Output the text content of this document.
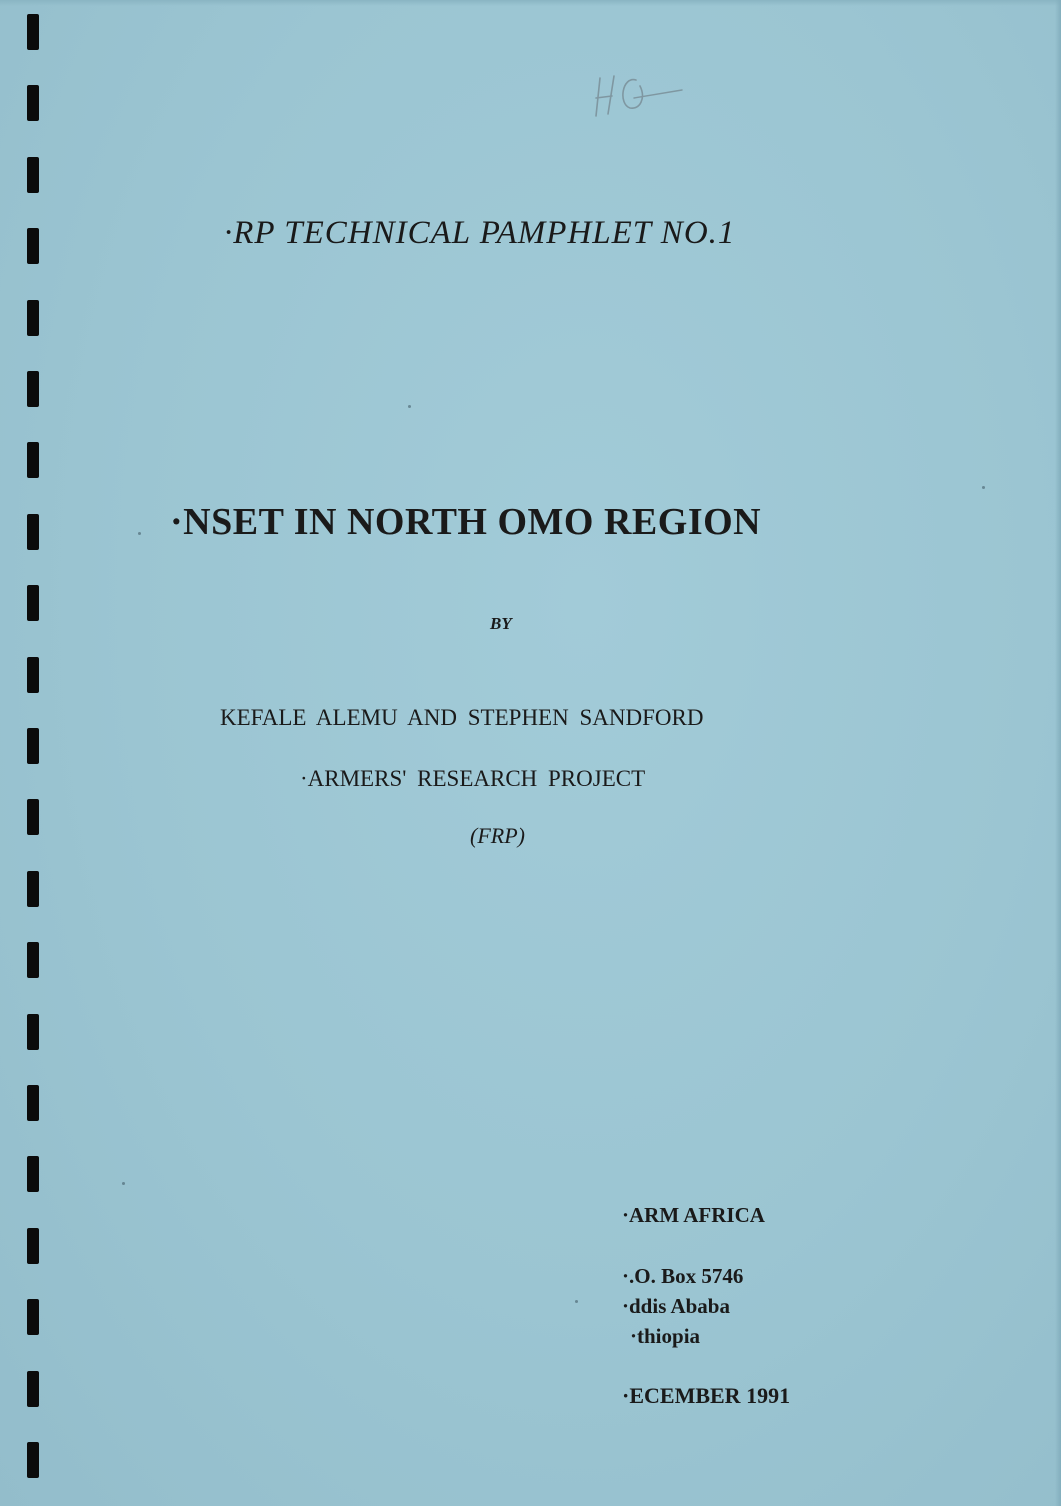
·RP TECHNICAL PAMPHLET NO.1
·NSET IN NORTH OMO REGION
BY
KEFALE ALEMU AND STEPHEN SANDFORD
·ARMERS' RESEARCH PROJECT
(FRP)
·ARM AFRICA
·.O. Box 5746
·ddis Ababa
·thiopia
·ECEMBER 1991
